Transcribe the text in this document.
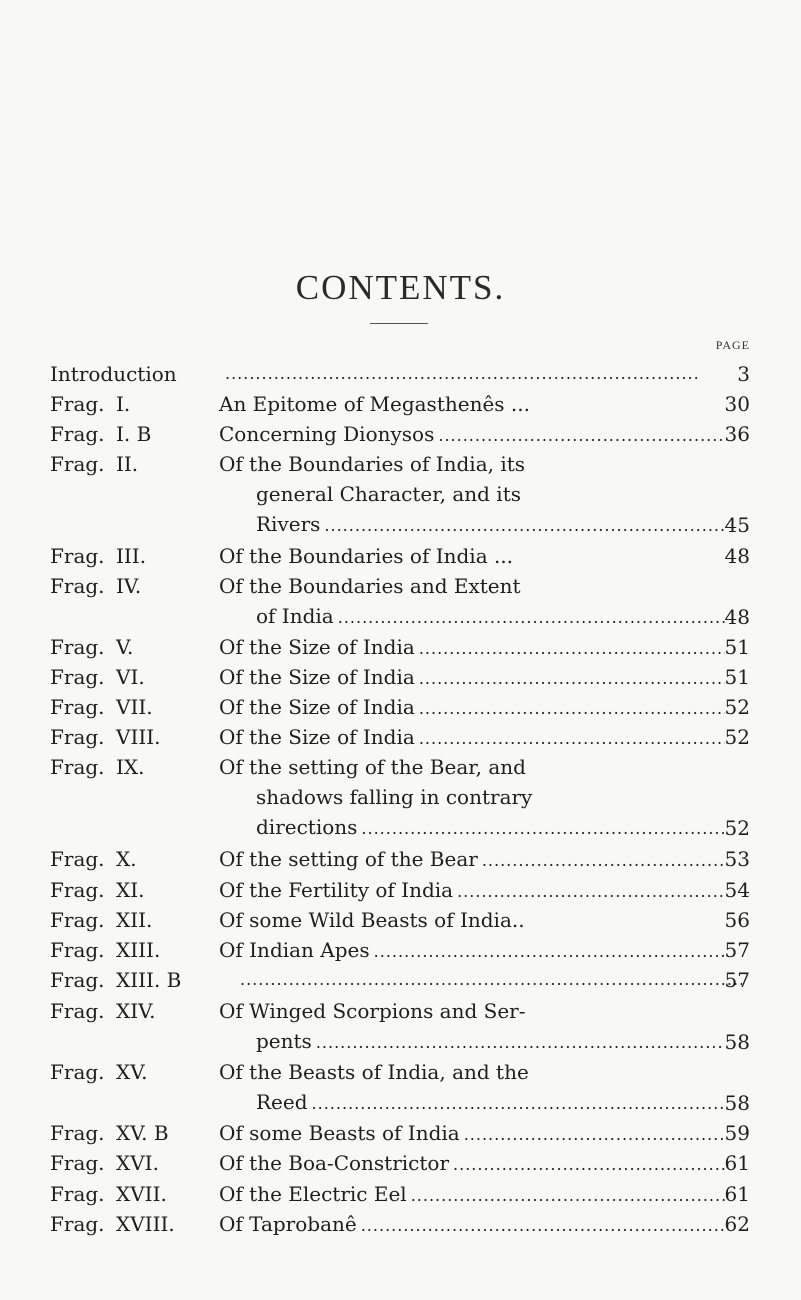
CONTENTS.
PAGE
Introduction .....	3
Frag. I.	An Epitome of Megasthenês ...	30
Frag. I. B	Concerning Dionysos .....	36
Frag. II.	Of the Boundaries of India, its
general Character, and its
Rivers .....	45
Frag. III.	Of the Boundaries of India ...	48
Frag. IV.	Of the Boundaries and Extent
of India .....	48
Frag. V.	Of the Size of India .....	51
Frag. VI.	Of the Size of India .....	51
Frag. VII.	Of the Size of India .....	52
Frag. VIII.	Of the Size of India .....	52
Frag. IX.	Of the setting of the Bear, and
shadows falling in contrary
directions .....	52
Frag. X.	Of the setting of the Bear .....	53
Frag. XI.	Of the Fertility of India .....	54
Frag. XII.	Of some Wild Beasts of India..	56
Frag. XIII.	Of Indian Apes .....	57
Frag. XIII. B .....	57
Frag. XIV.	Of Winged Scorpions and Ser-
pents .....	58
Frag. XV.	Of the Beasts of India, and the
Reed .....	58
Frag. XV. B	Of some Beasts of India .....	59
Frag. XVI.	Of the Boa-Constrictor .....	61
Frag. XVII.	Of the Electric Eel .....	61
Frag. XVIII. Of Taprobanê .....	62
